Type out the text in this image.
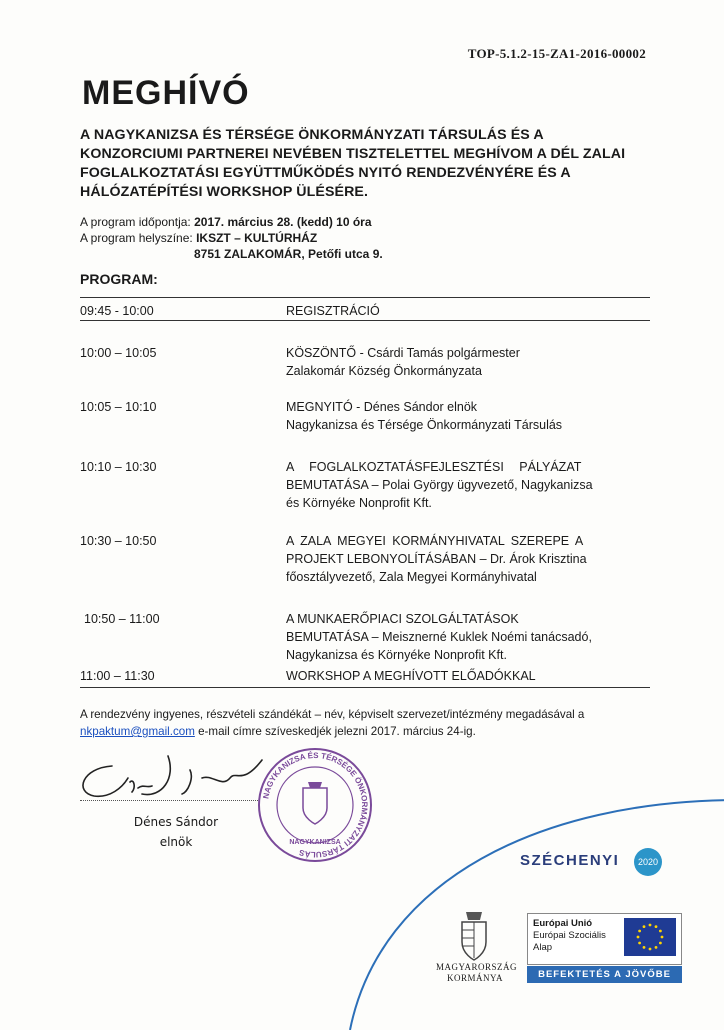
TOP-5.1.2-15-ZA1-2016-00002
MEGHÍVÓ
A NAGYKANIZSA ÉS TÉRSÉGE ÖNKORMÁNYZATI TÁRSULÁS ÉS A
KONZORCIUMI PARTNEREI NEVÉBEN TISZTELETTEL MEGHÍVOM A DÉL ZALAI
FOGLALKOZTATÁSI EGYÜTTMŰKÖDÉS NYITÓ RENDEZVÉNYÉRE ÉS A
HÁLÓZATÉPÍTÉSI WORKSHOP ÜLÉSÉRE.
A program időpontja: 2017. március 28. (kedd) 10 óra
A program helyszíne: IKSZT – KULTÚRHÁZ
8751 ZALAKOMÁR, Petőfi utca 9.
PROGRAM:
09:45 - 10:00	REGISZTRÁCIÓ
10:00 – 10:05	KÖSZÖNTŐ - Csárdi Tamás polgármester
Zalakomár Község Önkormányzata
10:05 – 10:10	MEGNYITÓ - Dénes Sándor elnök
Nagykanizsa és Térsége Önkormányzati Társulás
10:10 – 10:30	A FOGLALKOZTATÁSFEJLESZTÉSI PÁLYÁZAT
BEMUTATÁSA – Polai György ügyvezető, Nagykanizsa
és Környéke Nonprofit Kft.
10:30 – 10:50	A ZALA MEGYEI KORMÁNYHIVATAL SZEREPE A
PROJEKT LEBONYOLÍTÁSÁBAN – Dr. Árok Krisztina
főosztályvezető, Zala Megyei Kormányhivatal
10:50 – 11:00	A MUNKAERŐPIACI SZOLGÁLTATÁSOK
BEMUTATÁSA – Meisznerné Kuklek Noémi tanácsadó,
Nagykanizsa és Környéke Nonprofit Kft.
11:00 – 11:30	WORKSHOP A MEGHÍVOTT ELŐADÓKKAL
A rendezvény ingyenes, részvételi szándékát – név, képviselt szervezet/intézmény megadásával a
nkpaktum@gmail.com e-mail címre szíveskedjék jelezni 2017. március 24-ig.
Dénes Sándor
elnök
NAGYKANIZSA ÉS TÉRSÉGE ÖNKORMÁNYZATI TÁRSULÁS
NAGYKANIZSA
SZÉCHENYI	2020
MAGYARORSZÁG
KORMÁNYA
Európai Unió
Európai Szociális
Alap
BEFEKTETÉS A JÖVŐBE
